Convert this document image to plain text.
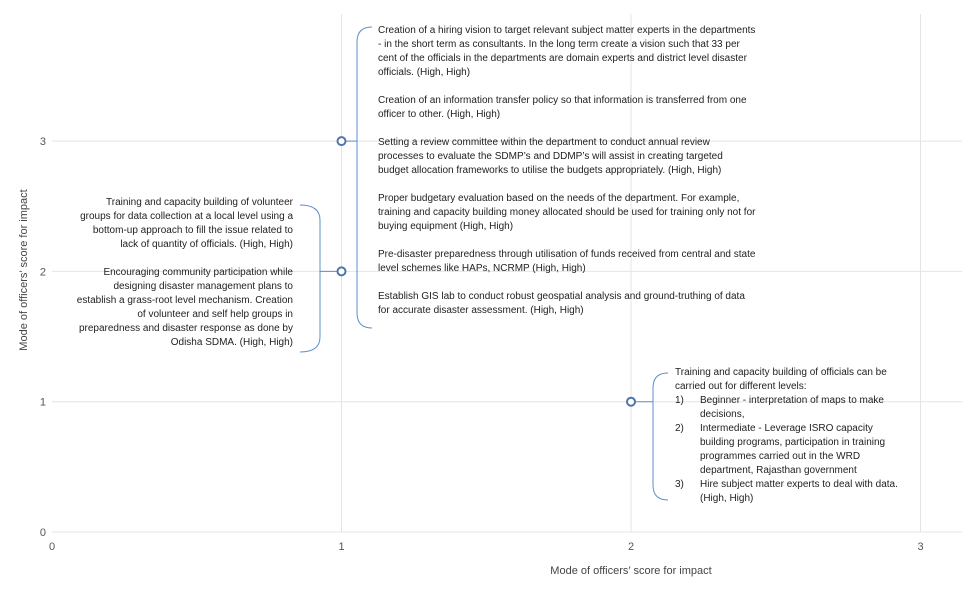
0	1	2	3
0
1
2
3
Mode of officers’ score for impact
Mode of officers’ score for impact

Creation of a hiring vision to target relevant subject matter experts in the departments - in the short term as consultants. In the long term create a vision such that 33 per cent of the officials in the departments are domain experts and district level disaster officials. (High, High)

Creation of an information transfer policy so that information is transferred from one officer to other. (High, High)

Setting a review committee within the department to conduct annual review processes to evaluate the SDMP’s and DDMP’s will assist in creating targeted budget allocation frameworks to utilise the budgets appropriately. (High, High)

Proper budgetary evaluation based on the needs of the department. For example, training and capacity building money allocated should be used for training only not for buying equipment (High, High)

Pre-disaster preparedness through utilisation of funds received from central and state level schemes like HAPs, NCRMP (High, High)

Establish GIS lab to conduct robust geospatial analysis and ground-truthing of data for accurate disaster assessment. (High, High)

Training and capacity building of volunteer groups for data collection at a local level using a bottom-up approach to fill the issue related to lack of quantity of officials. (High, High)

Encouraging community participation while designing disaster management plans to establish a grass-root level mechanism. Creation of volunteer and self help groups in preparedness and disaster response as done by Odisha SDMA. (High, High)

Training and capacity building of officials can be carried out for different levels:
1) Beginner - interpretation of maps to make decisions,
2) Intermediate - Leverage ISRO capacity building programs, participation in training programmes carried out in the WRD department, Rajasthan government
3) Hire subject matter experts to deal with data. (High, High)
